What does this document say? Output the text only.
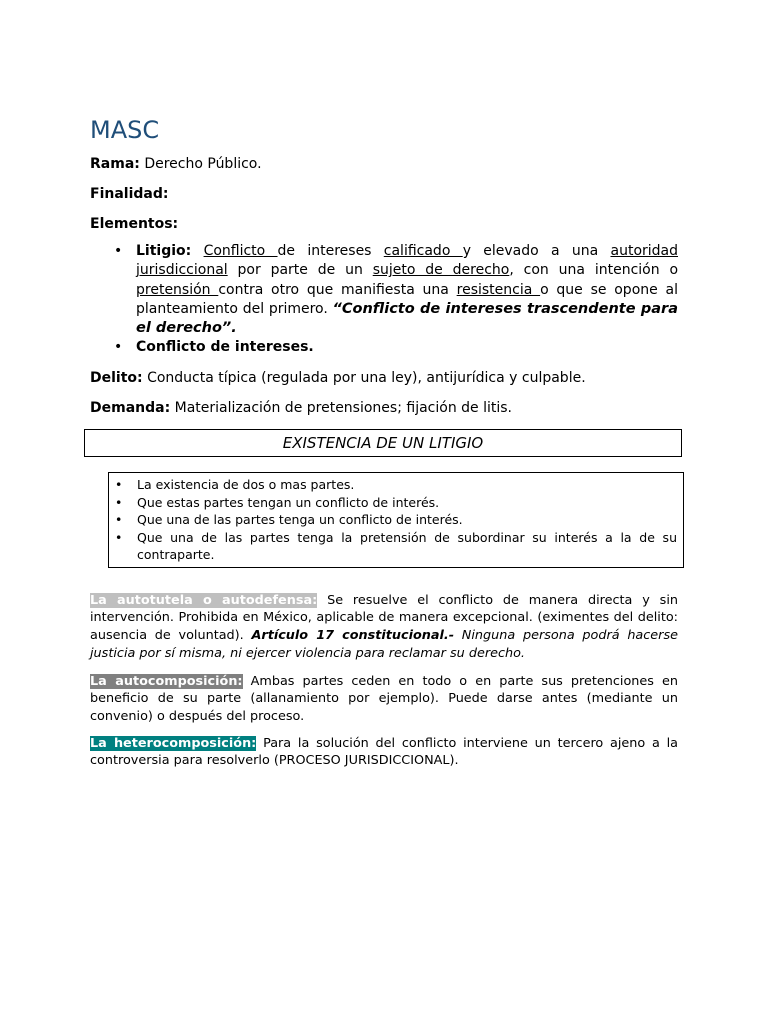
MASC

Rama: Derecho Público.

Finalidad:

Elementos:

• Litigio: Conflicto de intereses calificado y elevado a una autoridad jurisdiccional por parte de un sujeto de derecho, con una intención o pretensión contra otro que manifiesta una resistencia o que se opone al planteamiento del primero. “Conflicto de intereses trascendente para el derecho”.
• Conflicto de intereses.

Delito: Conducta típica (regulada por una ley), antijurídica y culpable.

Demanda: Materialización de pretensiones; fijación de litis.

EXISTENCIA DE UN LITIGIO
• La existencia de dos o mas partes.
• Que estas partes tengan un conflicto de interés.
• Que una de las partes tenga un conflicto de interés.
• Que una de las partes tenga la pretensión de subordinar su interés a la de su contraparte.

La autotutela o autodefensa: Se resuelve el conflicto de manera directa y sin intervención. Prohibida en México, aplicable de manera excepcional. (eximentes del delito: ausencia de voluntad). Artículo 17 constitucional.- Ninguna persona podrá hacerse justicia por sí misma, ni ejercer violencia para reclamar su derecho.

La autocomposición: Ambas partes ceden en todo o en parte sus pretenciones en beneficio de su parte (allanamiento por ejemplo). Puede darse antes (mediante un convenio) o después del proceso.

La heterocomposición: Para la solución del conflicto interviene un tercero ajeno a la controversia para resolverlo (PROCESO JURISDICCIONAL).
